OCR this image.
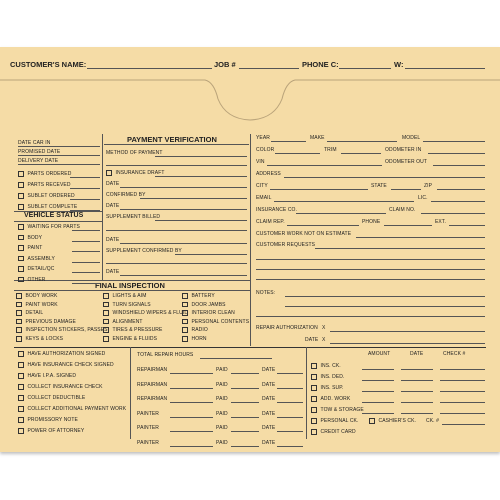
CUSTOMER'S NAME:	JOB #	PHONE C:	W:
DATE CAR IN
PROMISED DATE
DELIVERY DATE
PARTS ORDERED
PARTS RECEVED
SUBLET ORDERED
SUBLET COMPLETE
VEHICLE STATUS
PAYMENT VERIFICATION
METHOD OF PAYMENT
INSURANCE DRAFT
DATE
CONFIRMED BY
DATE
SUPPLEMENT BILLED
DATE
SUPPLEMENT CONFIRMED BY
DATE
YEAR	MAKE	MODEL
COLOR	TRIM	ODOMETER IN
VIN	ODOMETER OUT
ADDRESS
CITY	STATE	ZIP
EMAIL	LIC.
INSURANCE CO.	CLAIM NO.
CLAIM REP.	PHONE	EXT.
CUSTOMER WORK NOT ON ESTIMATE
CUSTOMER REQUESTS
NOTES:
REPAIR AUTHORIZATION X
DATE X
FINAL INSPECTION
TOTAL REPAIR HOURS
WAITING FOR PARTS
BODY
PAINT
ASSEMBLY
DETAIL/QC
OTHER
BODY WORK
PAINT WORK
DETAIL
PREVIOUS DAMAGE
INSPECTION STICKERS, PASSES
KEYS & LOCKS
LIGHTS & AIM
TURN SIGNALS
WINDSHIELD WIPERS & FLUID
ALIGNMENT
TIRES & PRESSURE
ENGINE & FLUIDS
BATTERY
DOOR JAMBS
INTERIOR CLEAN
PERSONAL CONTENTS
RADIO
HORN
HAVE AUTHORIZATION SIGNED
HAVE INSURANCE CHECK SIGNED
HAVE I.P.A. SIGNED
COLLECT INSURANCE CHECK
COLLECT DEDUCTIBLE
COLLECT ADDITIONAL PAYMENT WORK
PROMISSORY NOTE
POWER OF ATTORNEY
REPAIRMAN	PAID	DATE
REPAIRMAN	PAID	DATE
REPAIRMAN	PAID	DATE
PAINTER	PAID	DATE
PAINTER	PAID	DATE
PAINTER	PAID	DATE
AMOUNT	DATE	CHECK #
INS. CK.
INS. DED.
INS. SUP.
ADD. WORK
TOW & STORAGE
PERSONAL CK.
CREDIT CARD
CASHIER'S CK. CK. #
